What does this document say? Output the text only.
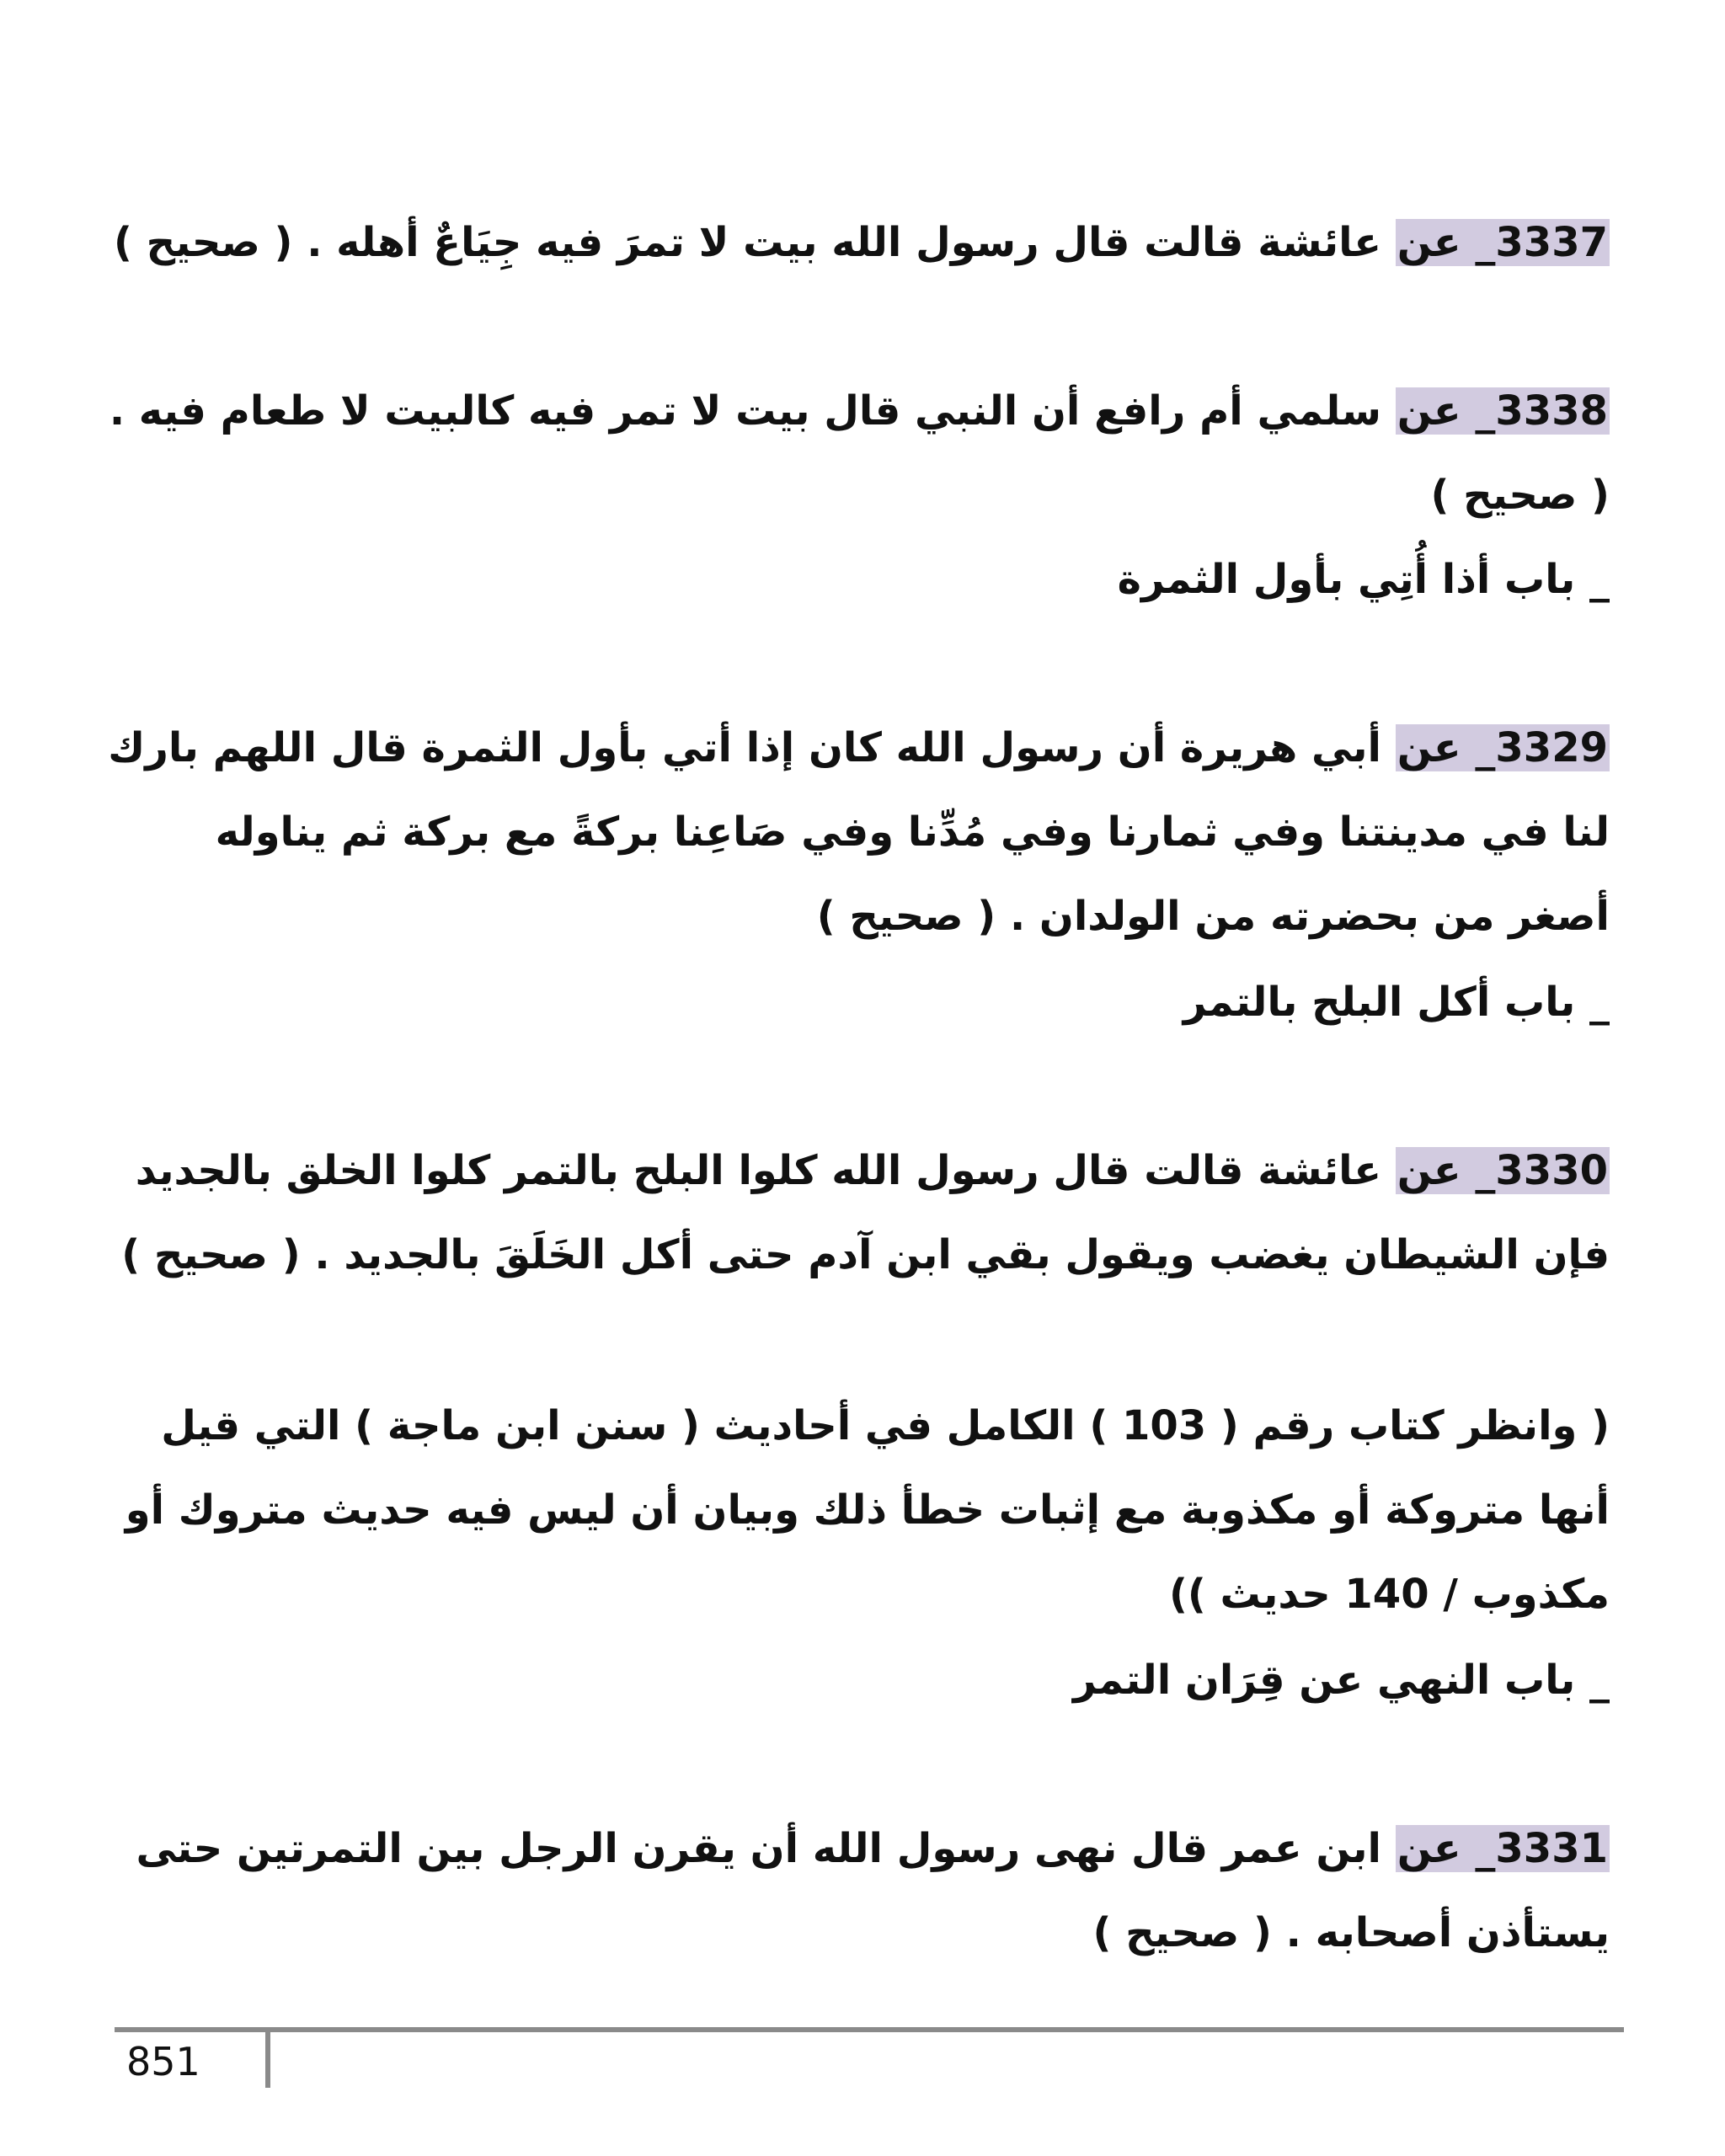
3337_ عن عائشة قالت قال رسول الله بيت لا تمرَ فيه جِيَاعٌ أهله . ( صحيح )

3338_ عن سلمي أم رافع أن النبي قال بيت لا تمر فيه كالبيت لا طعام فيه . ( صحيح )

_ باب أذا أُتِي بأول الثمرة

3329_ عن أبي هريرة أن رسول الله كان إذا أتي بأول الثمرة قال اللهم بارك لنا في مدينتنا وفي ثمارنا وفي مُدِّنا وفي صَاعِنا بركةً مع بركة ثم يناوله أصغر من بحضرته من الولدان . ( صحيح )

_ باب أكل البلح بالتمر

3330_ عن عائشة قالت قال رسول الله كلوا البلح بالتمر كلوا الخلق بالجديد فإن الشيطان يغضب ويقول بقي ابن آدم حتى أكل الخَلَقَ بالجديد . ( صحيح )

( وانظر كتاب رقم ( 103 ) الكامل في أحاديث ( سنن ابن ماجة ) التي قيل أنها متروكة أو مكذوبة مع إثبات خطأ ذلك وبيان أن ليس فيه حديث متروك أو مكذوب / 140 حديث ))

_ باب النهي عن قِرَان التمر

3331_ عن ابن عمر قال نهى رسول الله أن يقرن الرجل بين التمرتين حتى يستأذن أصحابه . ( صحيح )

851
